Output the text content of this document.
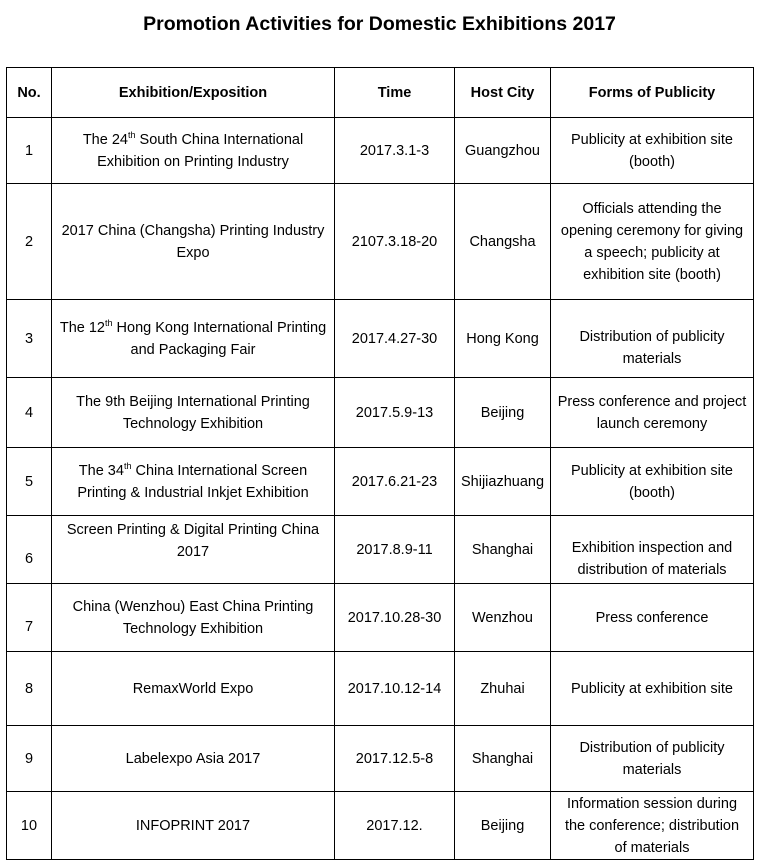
Promotion Activities for Domestic Exhibitions 2017
No.	Exhibition/Exposition	Time	Host City	Forms of Publicity
1	The 24th South China International Exhibition on Printing Industry	2017.3.1-3	Guangzhou	Publicity at exhibition site (booth)
2	2017 China (Changsha) Printing Industry Expo	2107.3.18-20	Changsha	Officials attending the opening ceremony for giving a speech; publicity at exhibition site (booth)
3	The 12th Hong Kong International Printing and Packaging Fair	2017.4.27-30	Hong Kong	Distribution of publicity materials
4	The 9th Beijing International Printing Technology Exhibition	2017.5.9-13	Beijing	Press conference and project launch ceremony
5	The 34th China International Screen Printing & Industrial Inkjet Exhibition	2017.6.21-23	Shijiazhuang	Publicity at exhibition site (booth)
6	Screen Printing & Digital Printing China 2017	2017.8.9-11	Shanghai	Exhibition inspection and distribution of materials
7	China (Wenzhou) East China Printing Technology Exhibition	2017.10.28-30	Wenzhou	Press conference
8	RemaxWorld Expo	2017.10.12-14	Zhuhai	Publicity at exhibition site
9	Labelexpo Asia 2017	2017.12.5-8	Shanghai	Distribution of publicity materials
10	INFOPRINT 2017	2017.12.	Beijing	Information session during the conference; distribution of materials
